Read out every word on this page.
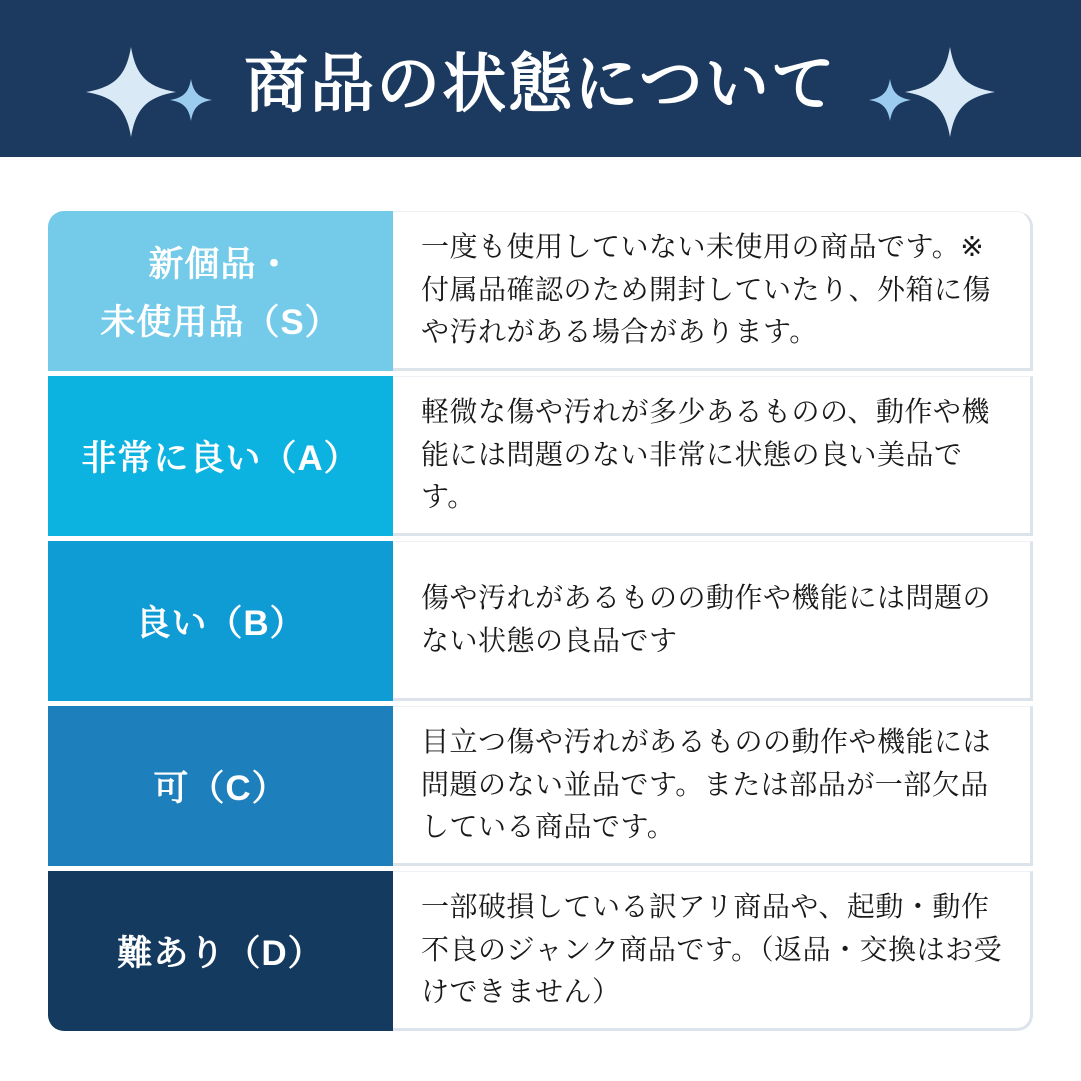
商品の状態について
新個品・
未使用品（S）

一度も使用していない未使用の商品です。※付属品確認のため開封していたり、外箱に傷や汚れがある場合があります。

非常に良い（A）

軽微な傷や汚れが多少あるものの、動作や機能には問題のない非常に状態の良い美品です。

良い（B）

傷や汚れがあるものの動作や機能には問題のない状態の良品です

可（C）

目立つ傷や汚れがあるものの動作や機能には問題のない並品です。または部品が一部欠品している商品です。

難あり（D）

一部破損している訳アリ商品や、起動・動作不良のジャンク商品です。（返品・交換はお受けできません）
